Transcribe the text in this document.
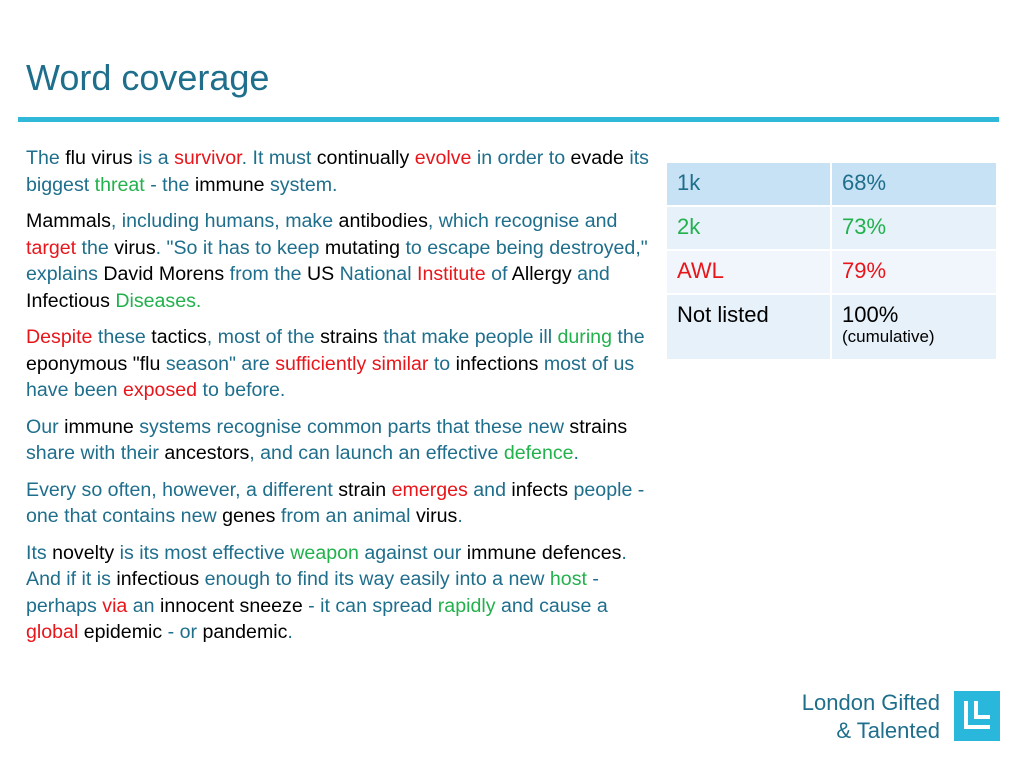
Word coverage

The flu virus is a survivor. It must continually evolve in order to evade its biggest threat - the immune system.

Mammals, including humans, make antibodies, which recognise and target the virus. "So it has to keep mutating to escape being destroyed," explains David Morens from the US National Institute of Allergy and Infectious Diseases.

Despite these tactics, most of the strains that make people ill during the eponymous "flu season" are sufficiently similar to infections most of us have been exposed to before.

Our immune systems recognise common parts that these new strains share with their ancestors, and can launch an effective defence.

Every so often, however, a different strain emerges and infects people - one that contains new genes from an animal virus.

Its novelty is its most effective weapon against our immune defences. And if it is infectious enough to find its way easily into a new host - perhaps via an innocent sneeze - it can spread rapidly and cause a global epidemic - or pandemic.

1k	68%
2k	73%
AWL	79%
Not listed	100%
(cumulative)
London Gifted
& Talented
